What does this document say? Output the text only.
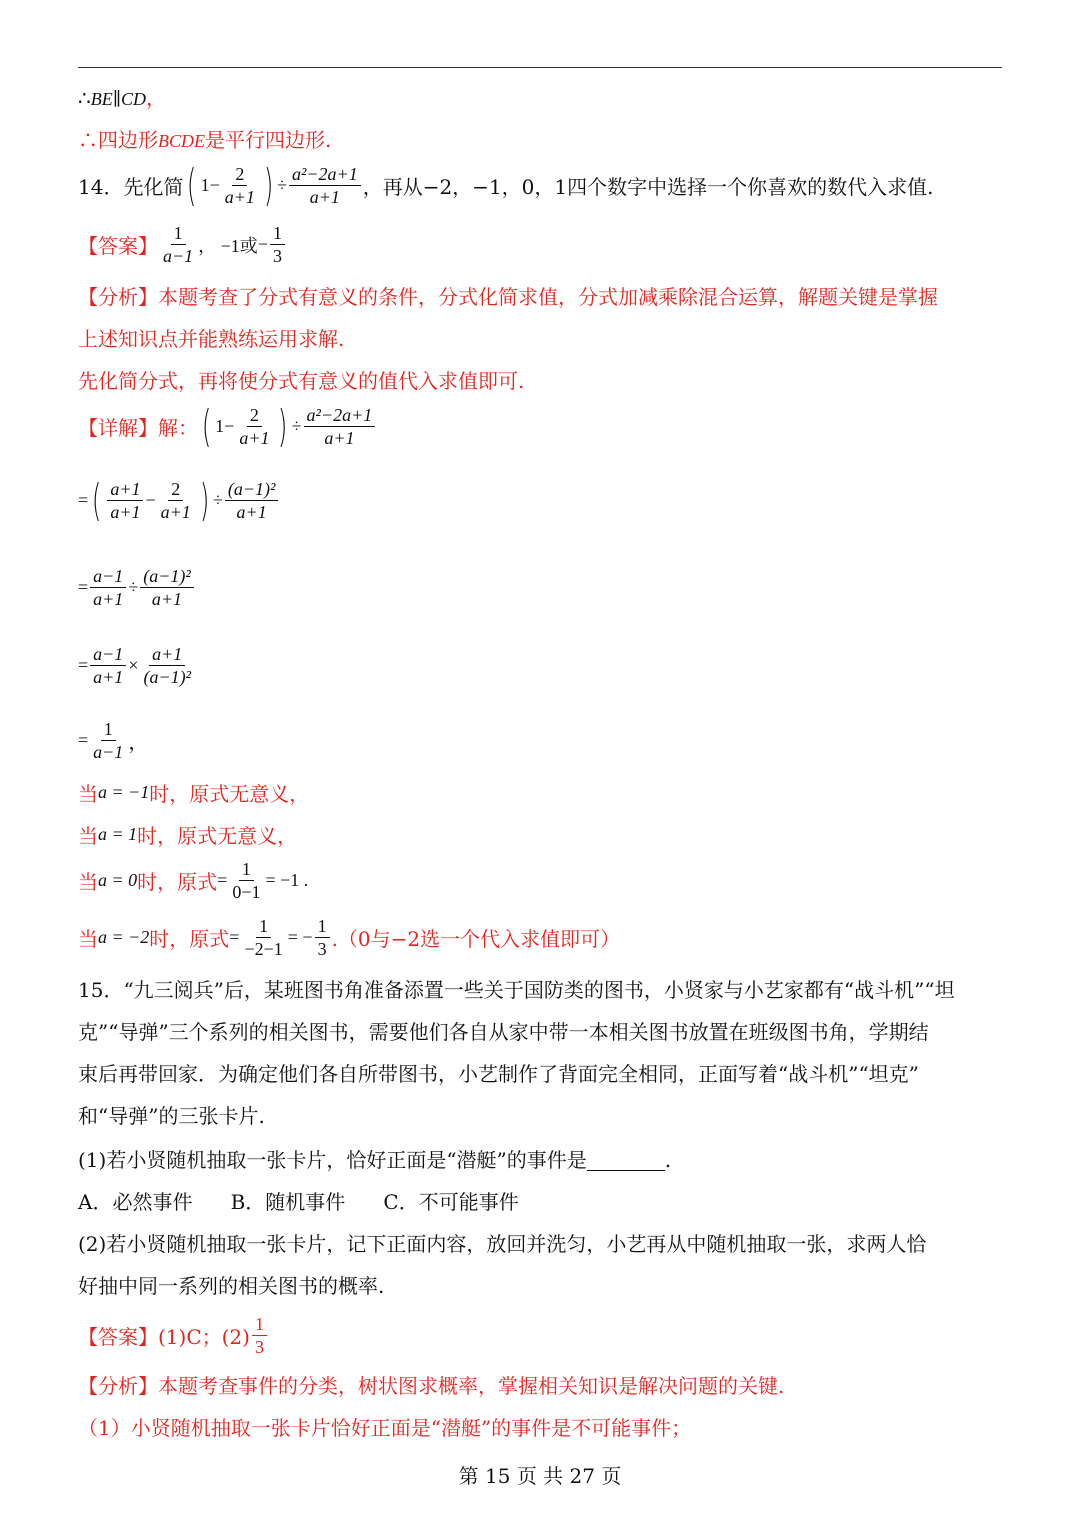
∴BE∥CD，
∴四边形BCDE是平行四边形.
14．先化简 ( $1 - \frac{2}{a+1}$ ) ÷ $\frac{\text{a²−2a+1}}{a+1}$ ，再从−2，−1，0，1四个数字中选择一个你喜欢的数代入求值.
【答案】 $\frac{1}{a-1}$ ， −1或 − $\frac{1}{3}$
【分析】本题考查了分式有意义的条件，分式化简求值，分式加减乘除混合运算，解题关键是掌握
上述知识点并能熟练运用求解.
先化简分式，再将使分式有意义的值代入求值即可.
【详解】 解： ( $1 - \frac{2}{a+1}$ ) ÷ $\frac{\text{a²−2a+1}}{a+1}$
= ( $\frac{a+1}{a+1} - \frac{2}{a+1}$ ) ÷ $\frac{\text{(a−1)²}}{a+1}$
= $\frac{a-1}{a+1} \div \frac{\text{(a−1)²}}{a+1}$
= $\frac{a-1}{a+1} \times \frac{a+1}{\text{(a−1)²}}$
= $\frac{1}{a-1}$ ，
当 a = −1 时，原式无意义，
当 a = 1 时，原式无意义，
当 a = 0 时，原式 = $\frac{1}{0-1} = -1$ .
当 a = −2 时，原式 = $\frac{1}{-2-1}$ = − $\frac{1}{3} .(0$与−2选一个代入求值即可）
15．“九三阅兵”后，某班图书角准备添置一些关于国防类的图书，小贤家与小艺家都有“战斗机”“坦
克”“导弹”三个系列的相关图书，需要他们各自从家中带一本相关图书放置在班级图书角，学期结
束后再带回家．为确定他们各自所带图书，小艺制作了背面完全相同，正面写着“战斗机”“坦克”
和“导弹”的三张卡片.
(1)若小贤随机抽取一张卡片，恰好正面是“潜艇”的事件是	.
A．必然事件      B．随机事件      C．不可能事件
(2)若小贤随机抽取一张卡片，记下正面内容，放回并洗匀，小艺再从中随机抽取一张，求两人恰
好抽中同一系列的相关图书的概率.
【答案】 (1)C；$(2) \frac{1}{3}$
【分析】本题考查事件的分类，树状图求概率，掌握相关知识是解决问题的关键.
（1）小贤随机抽取一张卡片恰好正面是“潜艇”的事件是不可能事件；
第 15 页 共 27 页
